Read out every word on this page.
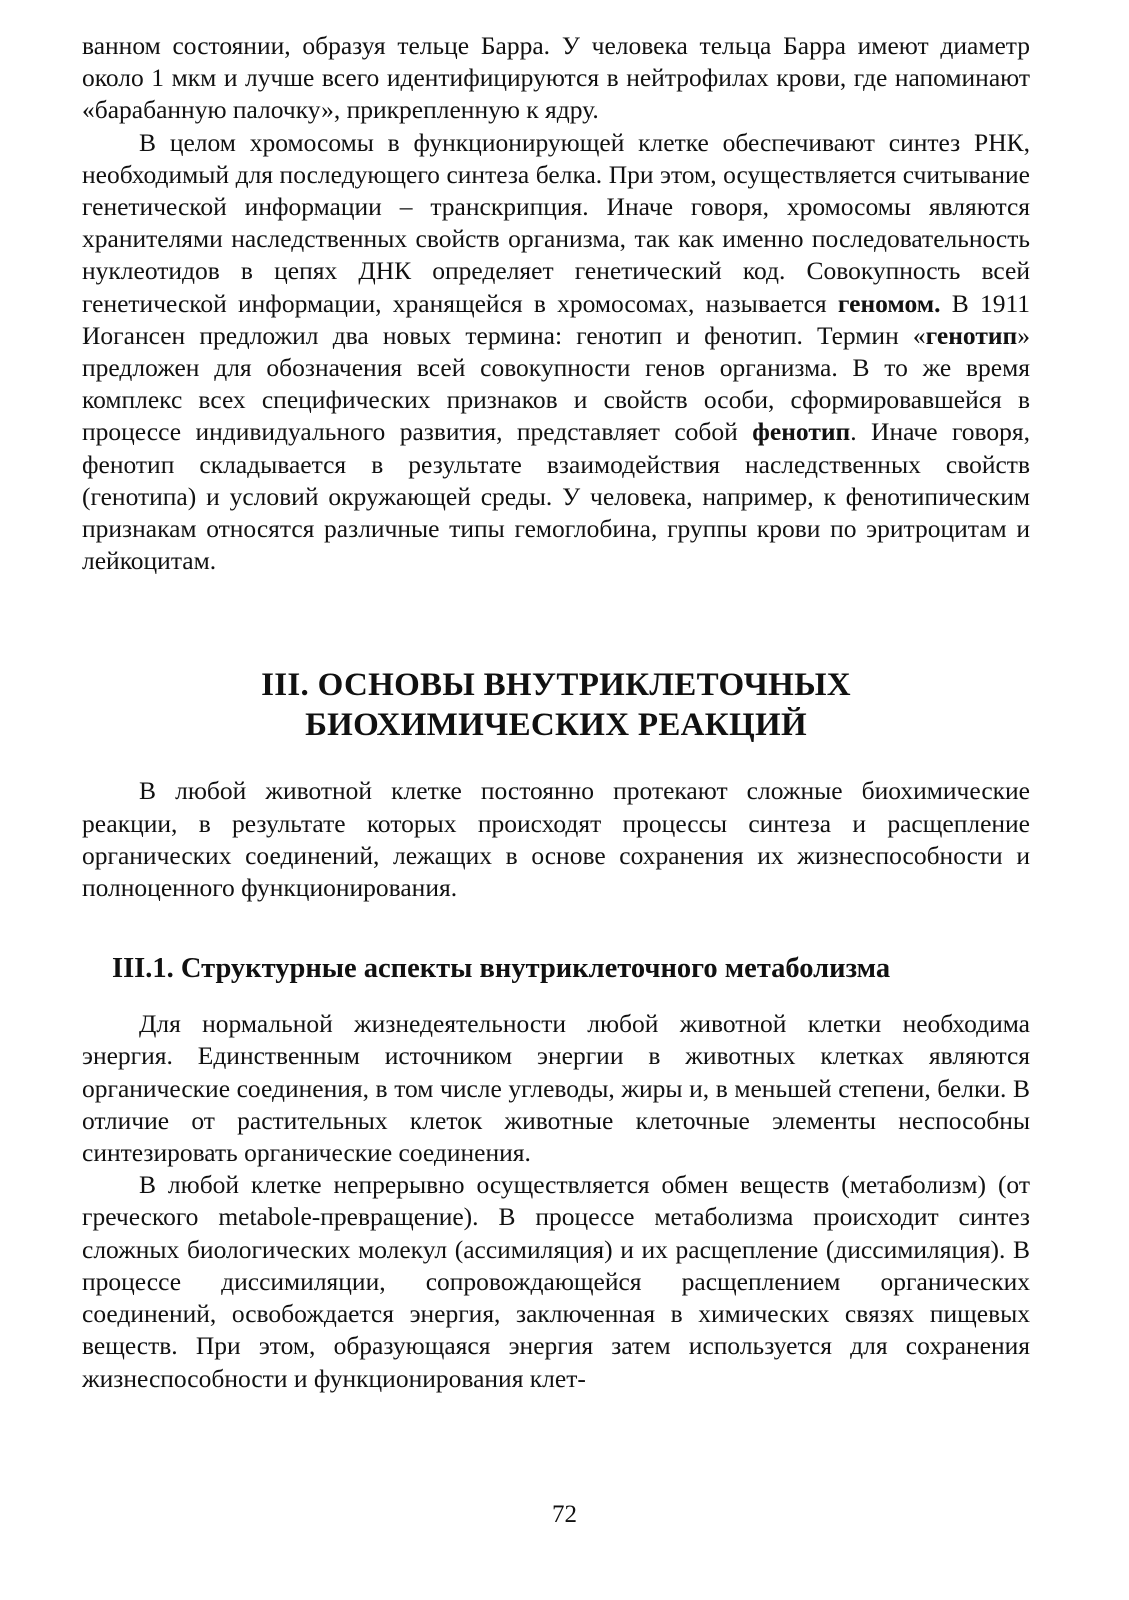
ванном состоянии, образуя тельце Барра. У человека тельца Барра имеют диаметр около 1 мкм и лучше всего идентифицируются в нейтрофилах крови, где напоминают «барабанную палочку», прикрепленную к ядру.

В целом хромосомы в функционирующей клетке обеспечивают синтез РНК, необходимый для последующего синтеза белка. При этом, осуществляется считывание генетической информации – транскрипция. Иначе говоря, хромосомы являются хранителями наследственных свойств организма, так как именно последовательность нуклеотидов в цепях ДНК определяет генетический код. Совокупность всей генетической информации, хранящейся в хромосомах, называется геномом. В 1911 Иогансен предложил два новых термина: генотип и фенотип. Термин «генотип» предложен для обозначения всей совокупности генов организма. В то же время комплекс всех специфических признаков и свойств особи, сформировавшейся в процессе индивидуального развития, представляет собой фенотип. Иначе говоря, фенотип складывается в результате взаимодействия наследственных свойств (генотипа) и условий окружающей среды. У человека, например, к фенотипическим признакам относятся различные типы гемоглобина, группы крови по эритроцитам и лейкоцитам.

III. ОСНОВЫ ВНУТРИКЛЕТОЧНЫХ
БИОХИМИЧЕСКИХ РЕАКЦИЙ

В любой животной клетке постоянно протекают сложные биохимические реакции, в результате которых происходят процессы синтеза и расщепление органических соединений, лежащих в основе сохранения их жизнеспособности и полноценного функционирования.

III.1. Структурные аспекты внутриклеточного метаболизма

Для нормальной жизнедеятельности любой животной клетки необходима энергия. Единственным источником энергии в животных клетках являются органические соединения, в том числе углеводы, жиры и, в меньшей степени, белки. В отличие от растительных клеток животные клеточные элементы неспособны синтезировать органические соединения.

В любой клетке непрерывно осуществляется обмен веществ (метаболизм) (от греческого metabole-превращение). В процессе метаболизма происходит синтез сложных биологических молекул (ассимиляция) и их расщепление (диссимиляция). В процессе диссимиляции, сопровождающейся расщеплением органических соединений, освобождается энергия, заключенная в химических связях пищевых веществ. При этом, образующаяся энергия затем используется для сохранения жизнеспособности и функционирования клет-

72
